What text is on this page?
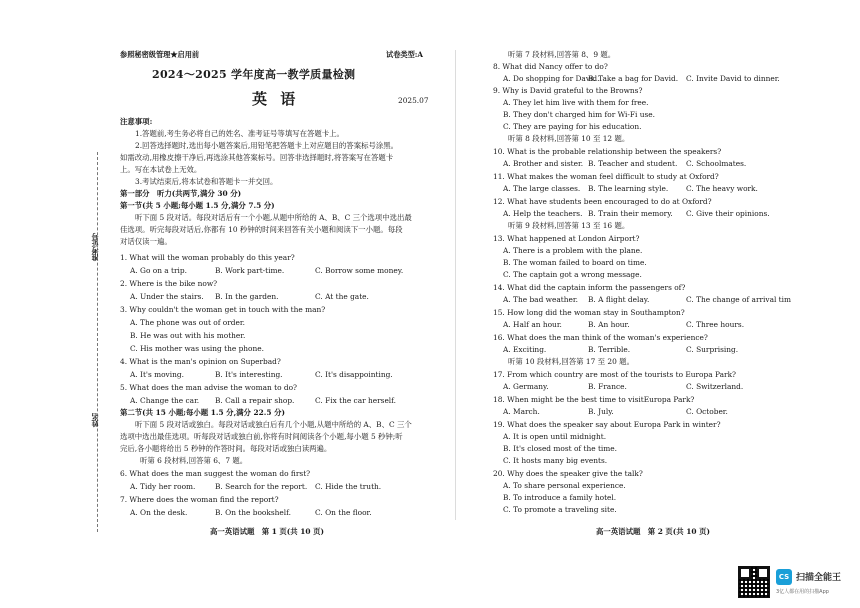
准考证号
姓名
参照秘密级管理★启用前	试卷类型:A
2024～2025 学年度高一教学质量检测
英 语	2025.07
注意事项:
1.答题前,考生务必将自己的姓名、准考证号等填写在答题卡上。
2.回答选择题时,选出每小题答案后,用铅笔把答题卡上对应题目的答案标号涂黑。
如需改动,用橡皮擦干净后,再选涂其他答案标号。回答非选择题时,将答案写在答题卡
上。写在本试卷上无效。
3.考试结束后,将本试卷和答题卡一并交回。
第一部分　听力(共两节,满分 30 分)
第一节(共 5 小题;每小题 1.5 分,满分 7.5 分)
听下面 5 段对话。每段对话后有一个小题,从题中所给的 A、B、C 三个选项中选出最
佳选项。听完每段对话后,你都有 10 秒钟的时间来回答有关小题和阅读下一小题。每段
对话仅读一遍。
1. What will the woman probably do this year?
A. Go on a trip.	B. Work part-time.	C. Borrow some money.
2. Where is the bike now?
A. Under the stairs. B. In the garden.	C. At the gate.
3. Why couldn't the woman get in touch with the man?
A. The phone was out of order.
B. He was out with his mother.
C. His mother was using the phone.
4. What is the man's opinion on Superbad?
A. It's moving.	B. It's interesting.	C. It's disappointing.
5. What does the man advise the woman to do?
A. Change the car. B. Call a repair shop.	C. Fix the car herself.
第二节(共 15 小题;每小题 1.5 分,满分 22.5 分)
听下面 5 段对话或独白。每段对话或独白后有几个小题,从题中所给的 A、B、C 三个
选项中选出最佳选项。听每段对话或独白前,你将有时间阅读各个小题,每小题 5 秒钟;听
完后,各小题将给出 5 秒钟的作答时间。每段对话或独白读两遍。
听第 6 段材料,回答第 6、7 题。
6. What does the man suggest the woman do first?
A. Tidy her room.	B. Search for the report. C. Hide the truth.
7. Where does the woman find the report?
A. On the desk.	B. On the bookshelf.	C. On the floor.
高一英语试题　第 1 页(共 10 页)
听第 7 段材料,回答第 8、9 题。
8. What did Nancy offer to do?
A. Do shopping for David.
B. Take a bag for David. C. Invite David to dinner.
9. Why is David grateful to the Browns?
A. They let him live with them for free.
B. They don't charged him for Wi-Fi use.
C. They are paying for his education.
听第 8 段材料,回答第 10 至 12 题。
10. What is the probable relationship between the speakers?
A. Brother and sister. B. Teacher and student. C. Schoolmates.
11. What makes the woman feel difficult to study at Oxford?
A. The large classes. B. The learning style. C. The heavy work.
12. What have students been encouraged to do at Oxford?
A. Help the teachers. B. Train their memory. C. Give their opinions.
听第 9 段材料,回答第 13 至 16 题。
13. What happened at London Airport?
A. There is a problem with the plane.
B. The woman failed to board on time.
C. The captain got a wrong message.
14. What did the captain inform the passengers of?
A. The bad weather. B. A flight delay.	C. The change of arrival tim
15. How long did the woman stay in Southampton?
A. Half an hour.	B. An hour.	C. Three hours.
16. What does the man think of the woman's experience?
A. Exciting.	B. Terrible.	C. Surprising.
听第 10 段材料,回答第 17 至 20 题。
17. From which country are most of the tourists to Europa Park?
A. Germany.	B. France.	C. Switzerland.
18. When might be the best time to visitEuropa Park?
A. March.	B. July.	C. October.
19. What does the speaker say about Europa Park in winter?
A. It is open until midnight.
B. It's closed most of the time.
C. It hosts many big events.
20. Why does the speaker give the talk?
A. To share personal experience.
B. To introduce a family hotel.
C. To promote a traveling site.
高一英语试题　第 2 页(共 10 页)
CS 扫描全能王
3亿人都在用的扫描App
